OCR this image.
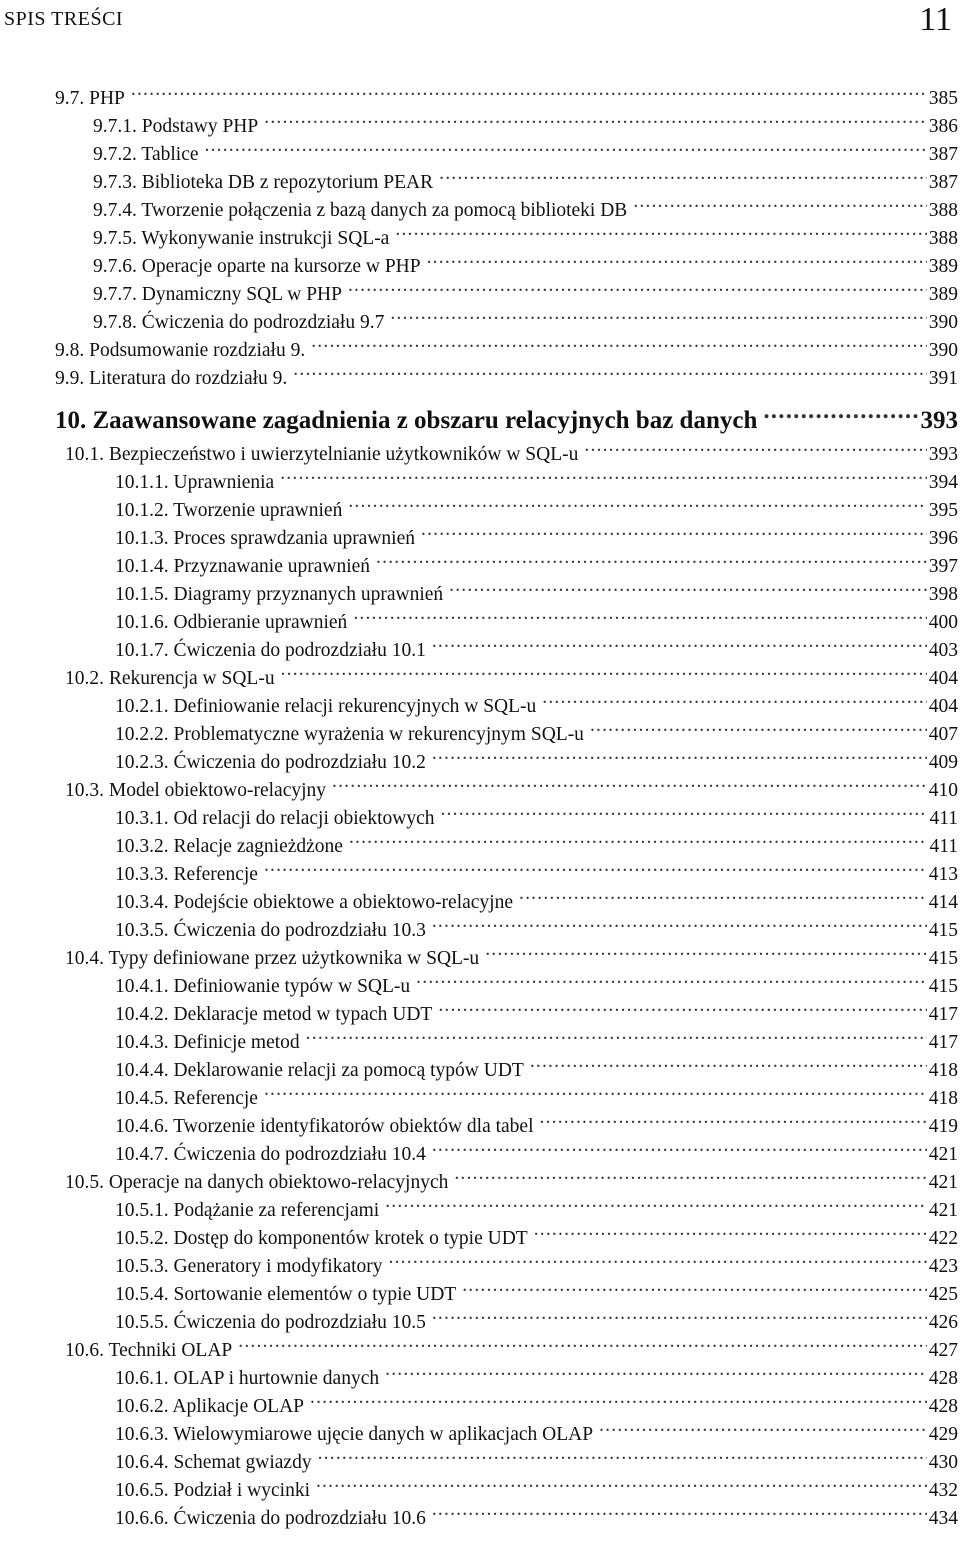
SPIS TREŚCI	11
9.7. PHP .....	385
9.7.1. Podstawy PHP .....	386
9.7.2. Tablice .....	387
9.7.3. Biblioteka DB z repozytorium PEAR .....	387
9.7.4. Tworzenie połączenia z bazą danych za pomocą biblioteki DB .....	388
9.7.5. Wykonywanie instrukcji SQL-a .....	388
9.7.6. Operacje oparte na kursorze w PHP .....	389
9.7.7. Dynamiczny SQL w PHP .....	389
9.7.8. Ćwiczenia do podrozdziału 9.7 .....	390
9.8. Podsumowanie rozdziału 9. .....	390
9.9. Literatura do rozdziału 9. .....	391
10. Zaawansowane zagadnienia z obszaru relacyjnych baz danych .....	393
10.1. Bezpieczeństwo i uwierzytelnianie użytkowników w SQL-u .....	393
10.1.1. Uprawnienia .....	394
10.1.2. Tworzenie uprawnień .....	395
10.1.3. Proces sprawdzania uprawnień .....	396
10.1.4. Przyznawanie uprawnień .....	397
10.1.5. Diagramy przyznanych uprawnień .....	398
10.1.6. Odbieranie uprawnień .....	400
10.1.7. Ćwiczenia do podrozdziału 10.1 .....	403
10.2. Rekurencja w SQL-u .....	404
10.2.1. Definiowanie relacji rekurencyjnych w SQL-u .....	404
10.2.2. Problematyczne wyrażenia w rekurencyjnym SQL-u .....	407
10.2.3. Ćwiczenia do podrozdziału 10.2 .....	409
10.3. Model obiektowo-relacyjny .....	410
10.3.1. Od relacji do relacji obiektowych .....	411
10.3.2. Relacje zagnieżdżone .....	411
10.3.3. Referencje .....	413
10.3.4. Podejście obiektowe a obiektowo-relacyjne .....	414
10.3.5. Ćwiczenia do podrozdziału 10.3 .....	415
10.4. Typy definiowane przez użytkownika w SQL-u .....	415
10.4.1. Definiowanie typów w SQL-u .....	415
10.4.2. Deklaracje metod w typach UDT .....	417
10.4.3. Definicje metod .....	417
10.4.4. Deklarowanie relacji za pomocą typów UDT .....	418
10.4.5. Referencje .....	418
10.4.6. Tworzenie identyfikatorów obiektów dla tabel .....	419
10.4.7. Ćwiczenia do podrozdziału 10.4 .....	421
10.5. Operacje na danych obiektowo-relacyjnych .....	421
10.5.1. Podążanie za referencjami .....	421
10.5.2. Dostęp do komponentów krotek o typie UDT .....	422
10.5.3. Generatory i modyfikatory .....	423
10.5.4. Sortowanie elementów o typie UDT .....	425
10.5.5. Ćwiczenia do podrozdziału 10.5 .....	426
10.6. Techniki OLAP .....	427
10.6.1. OLAP i hurtownie danych .....	428
10.6.2. Aplikacje OLAP .....	428
10.6.3. Wielowymiarowe ujęcie danych w aplikacjach OLAP .....	429
10.6.4. Schemat gwiazdy .....	430
10.6.5. Podział i wycinki .....	432
10.6.6. Ćwiczenia do podrozdziału 10.6 .....	434
